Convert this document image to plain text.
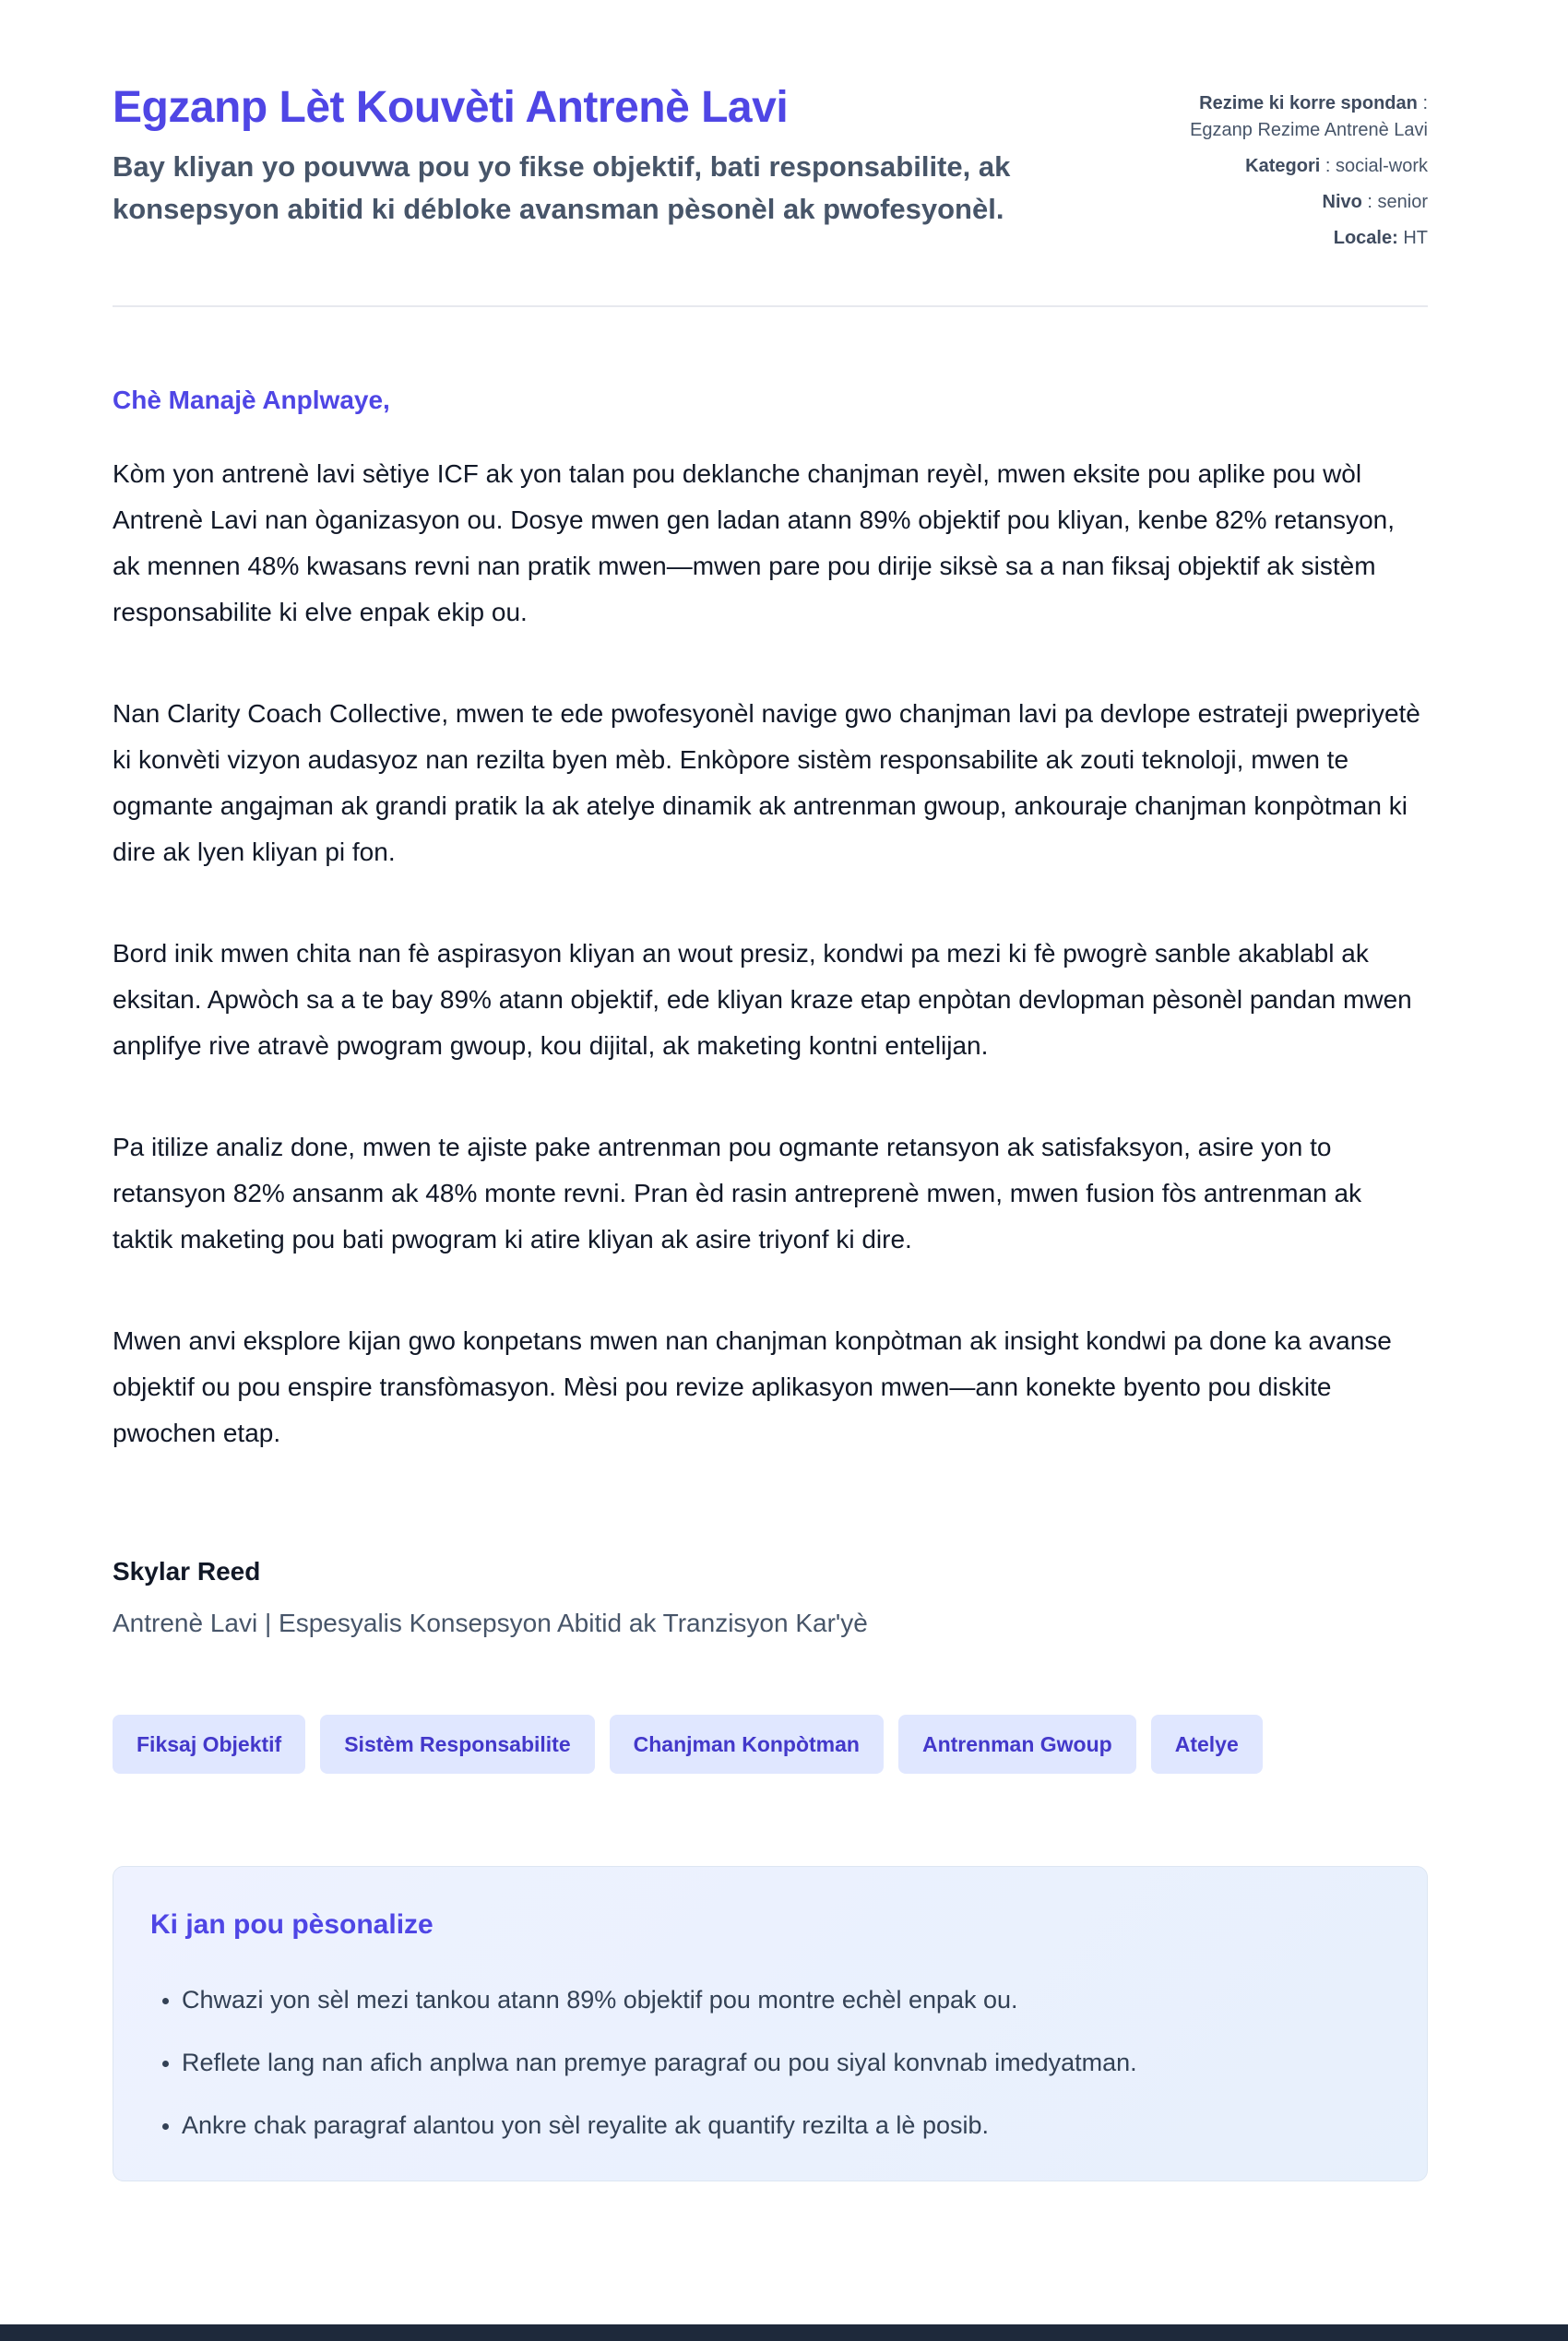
Egzanp Lèt Kouvèti Antrenè Lavi

Bay kliyan yo pouvwa pou yo fikse objektif, bati responsabilite, ak konsepsyon abitid ki débloke avansman pèsonèl ak pwofesyonèl.

Rezime ki korre spondan : Egzanp Rezime Antrenè Lavi
Kategori : social-work
Nivo : senior
Locale: HT

Chè Manajè Anplwaye,

Kòm yon antrenè lavi sètiye ICF ak yon talan pou deklanche chanjman reyèl, mwen eksite pou aplike pou wòl Antrenè Lavi nan òganizasyon ou. Dosye mwen gen ladan atann 89% objektif pou kliyan, kenbe 82% retansyon, ak mennen 48% kwasans revni nan pratik mwen—mwen pare pou dirije siksè sa a nan fiksaj objektif ak sistèm responsabilite ki elve enpak ekip ou.

Nan Clarity Coach Collective, mwen te ede pwofesyonèl navige gwo chanjman lavi pa devlope estrateji pwepriyetè ki konvèti vizyon audasyoz nan rezilta byen mèb. Enkòpore sistèm responsabilite ak zouti teknoloji, mwen te ogmante angajman ak grandi pratik la ak atelye dinamik ak antrenman gwoup, ankouraje chanjman konpòtman ki dire ak lyen kliyan pi fon.

Bord inik mwen chita nan fè aspirasyon kliyan an wout presiz, kondwi pa mezi ki fè pwogrè sanble akablabl ak eksitan. Apwòch sa a te bay 89% atann objektif, ede kliyan kraze etap enpòtan devlopman pèsonèl pandan mwen anplifye rive atravè pwogram gwoup, kou dijital, ak maketing kontni entelijan.

Pa itilize analiz done, mwen te ajiste pake antrenman pou ogmante retansyon ak satisfaksyon, asire yon to retansyon 82% ansanm ak 48% monte revni. Pran èd rasin antreprenè mwen, mwen fusion fòs antrenman ak taktik maketing pou bati pwogram ki atire kliyan ak asire triyonf ki dire.

Mwen anvi eksplore kijan gwo konpetans mwen nan chanjman konpòtman ak insight kondwi pa done ka avanse objektif ou pou enspire transfòmasyon. Mèsi pou revize aplikasyon mwen—ann konekte byento pou diskite pwochen etap.

Skylar Reed

Antrenè Lavi | Espesyalis Konsepsyon Abitid ak Tranzisyon Kar'yè

Fiksaj Objektif	Sistèm Responsabilite	Chanjman Konpòtman	Antrenman Gwoup	Atelye
Ki jan pou pèsonalize
• Chwazi yon sèl mezi tankou atann 89% objektif pou montre echèl enpak ou.
• Reflete lang nan afich anplwa nan premye paragraf ou pou siyal konvnab imedyatman.
• Ankre chak paragraf alantou yon sèl reyalite ak quantify rezilta a lè posib.
